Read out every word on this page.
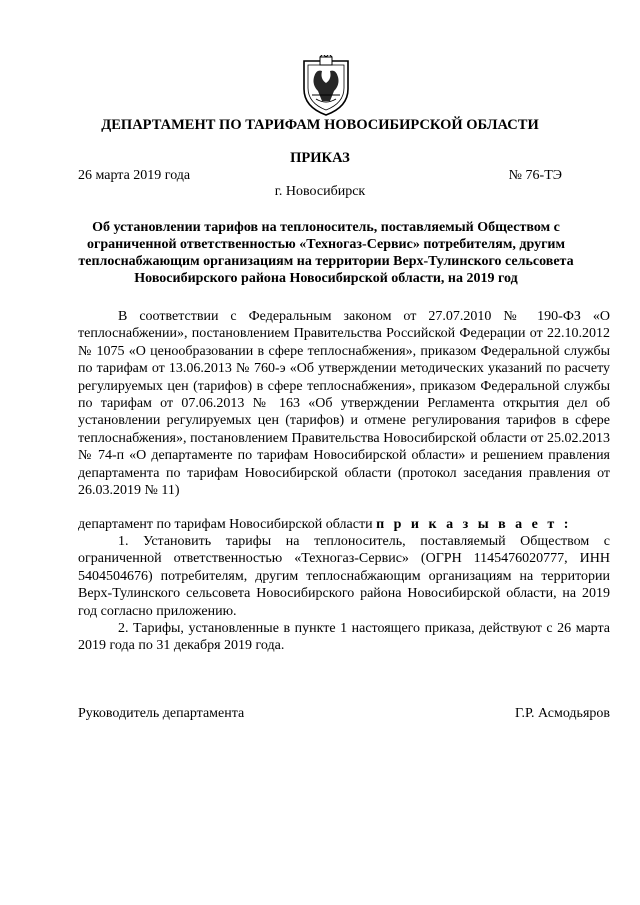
ДЕПАРТАМЕНТ ПО ТАРИФАМ НОВОСИБИРСКОЙ ОБЛАСТИ
ПРИКАЗ
26 марта 2019 года	№ 76-ТЭ
г. Новосибирск
Об установлении тарифов на теплоноситель, поставляемый Обществом с ограниченной ответственностью «Техногаз-Сервис» потребителям, другим теплоснабжающим организациям на территории Верх-Тулинского сельсовета Новосибирского района Новосибирской области, на 2019 год

В соответствии с Федеральным законом от 27.07.2010 № 190-ФЗ «О теплоснабжении», постановлением Правительства Российской Федерации от 22.10.2012 № 1075 «О ценообразовании в сфере теплоснабжения», приказом Федеральной службы по тарифам от 13.06.2013 № 760-э «Об утверждении методических указаний по расчету регулируемых цен (тарифов) в сфере теплоснабжения», приказом Федеральной службы по тарифам от 07.06.2013 № 163 «Об утверждении Регламента открытия дел об установлении регулируемых цен (тарифов) и отмене регулирования тарифов в сфере теплоснабжения», постановлением Правительства Новосибирской области от 25.02.2013 № 74-п «О департаменте по тарифам Новосибирской области» и решением правления департамента по тарифам Новосибирской области (протокол заседания правления от 26.03.2019 № 11)

департамент по тарифам Новосибирской области п р и к а з ы в а е т :

1. Установить тарифы на теплоноситель, поставляемый Обществом с ограниченной ответственностью «Техногаз-Сервис» (ОГРН 1145476020777, ИНН 5404504676) потребителям, другим теплоснабжающим организациям на территории Верх-Тулинского сельсовета Новосибирского района Новосибирской области, на 2019 год согласно приложению.

2. Тарифы, установленные в пункте 1 настоящего приказа, действуют с 26 марта 2019 года по 31 декабря 2019 года.

Руководитель департамента	Г.Р. Асмодьяров
